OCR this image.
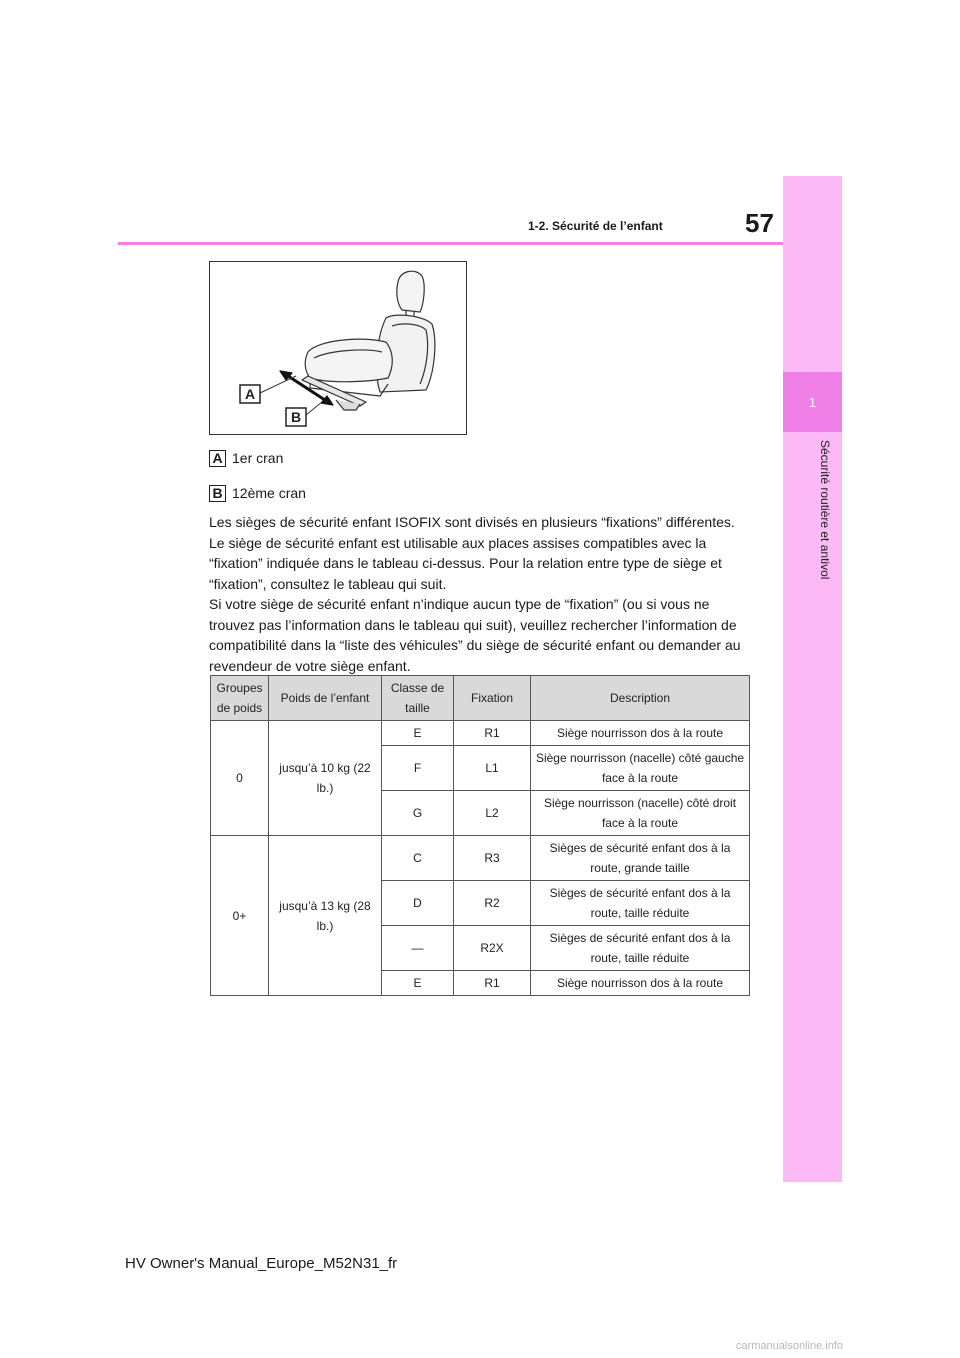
1
Sécurité routière et antivol
1-2. Sécurité de l’enfant	57
A
B
A 1er cran
B 12ème cran

Les sièges de sécurité enfant ISOFIX sont divisés en plusieurs “fixations” différentes. Le siège de sécurité enfant est utilisable aux places assises compatibles avec la “fixation” indiquée dans le tableau ci-dessus. Pour la relation entre type de siège et “fixation”, consultez le tableau qui suit.

Si votre siège de sécurité enfant n’indique aucun type de “fixation” (ou si vous ne trouvez pas l’information dans le tableau qui suit), veuillez rechercher l’information de compatibilité dans la “liste des véhicules” du siège de sécurité enfant ou demander au revendeur de votre siège enfant.

Groupes de poids	Poids de l’enfant	Classe de taille	Fixation	Description
0	jusqu’à 10 kg (22 lb.)	E	R1	Siège nourrisson dos à la route
		F	L1	Siège nourrisson (nacelle) côté gauche face à la route
		G	L2	Siège nourrisson (nacelle) côté droit face à la route
0+	jusqu’à 13 kg (28 lb.)	C	R3	Sièges de sécurité enfant dos à la route, grande taille
		D	R2	Sièges de sécurité enfant dos à la route, taille réduite
		—	R2X	Sièges de sécurité enfant dos à la route, taille réduite
		E	R1	Siège nourrisson dos à la route
HV Owner's Manual_Europe_M52N31_fr
carmanualsonline.info
